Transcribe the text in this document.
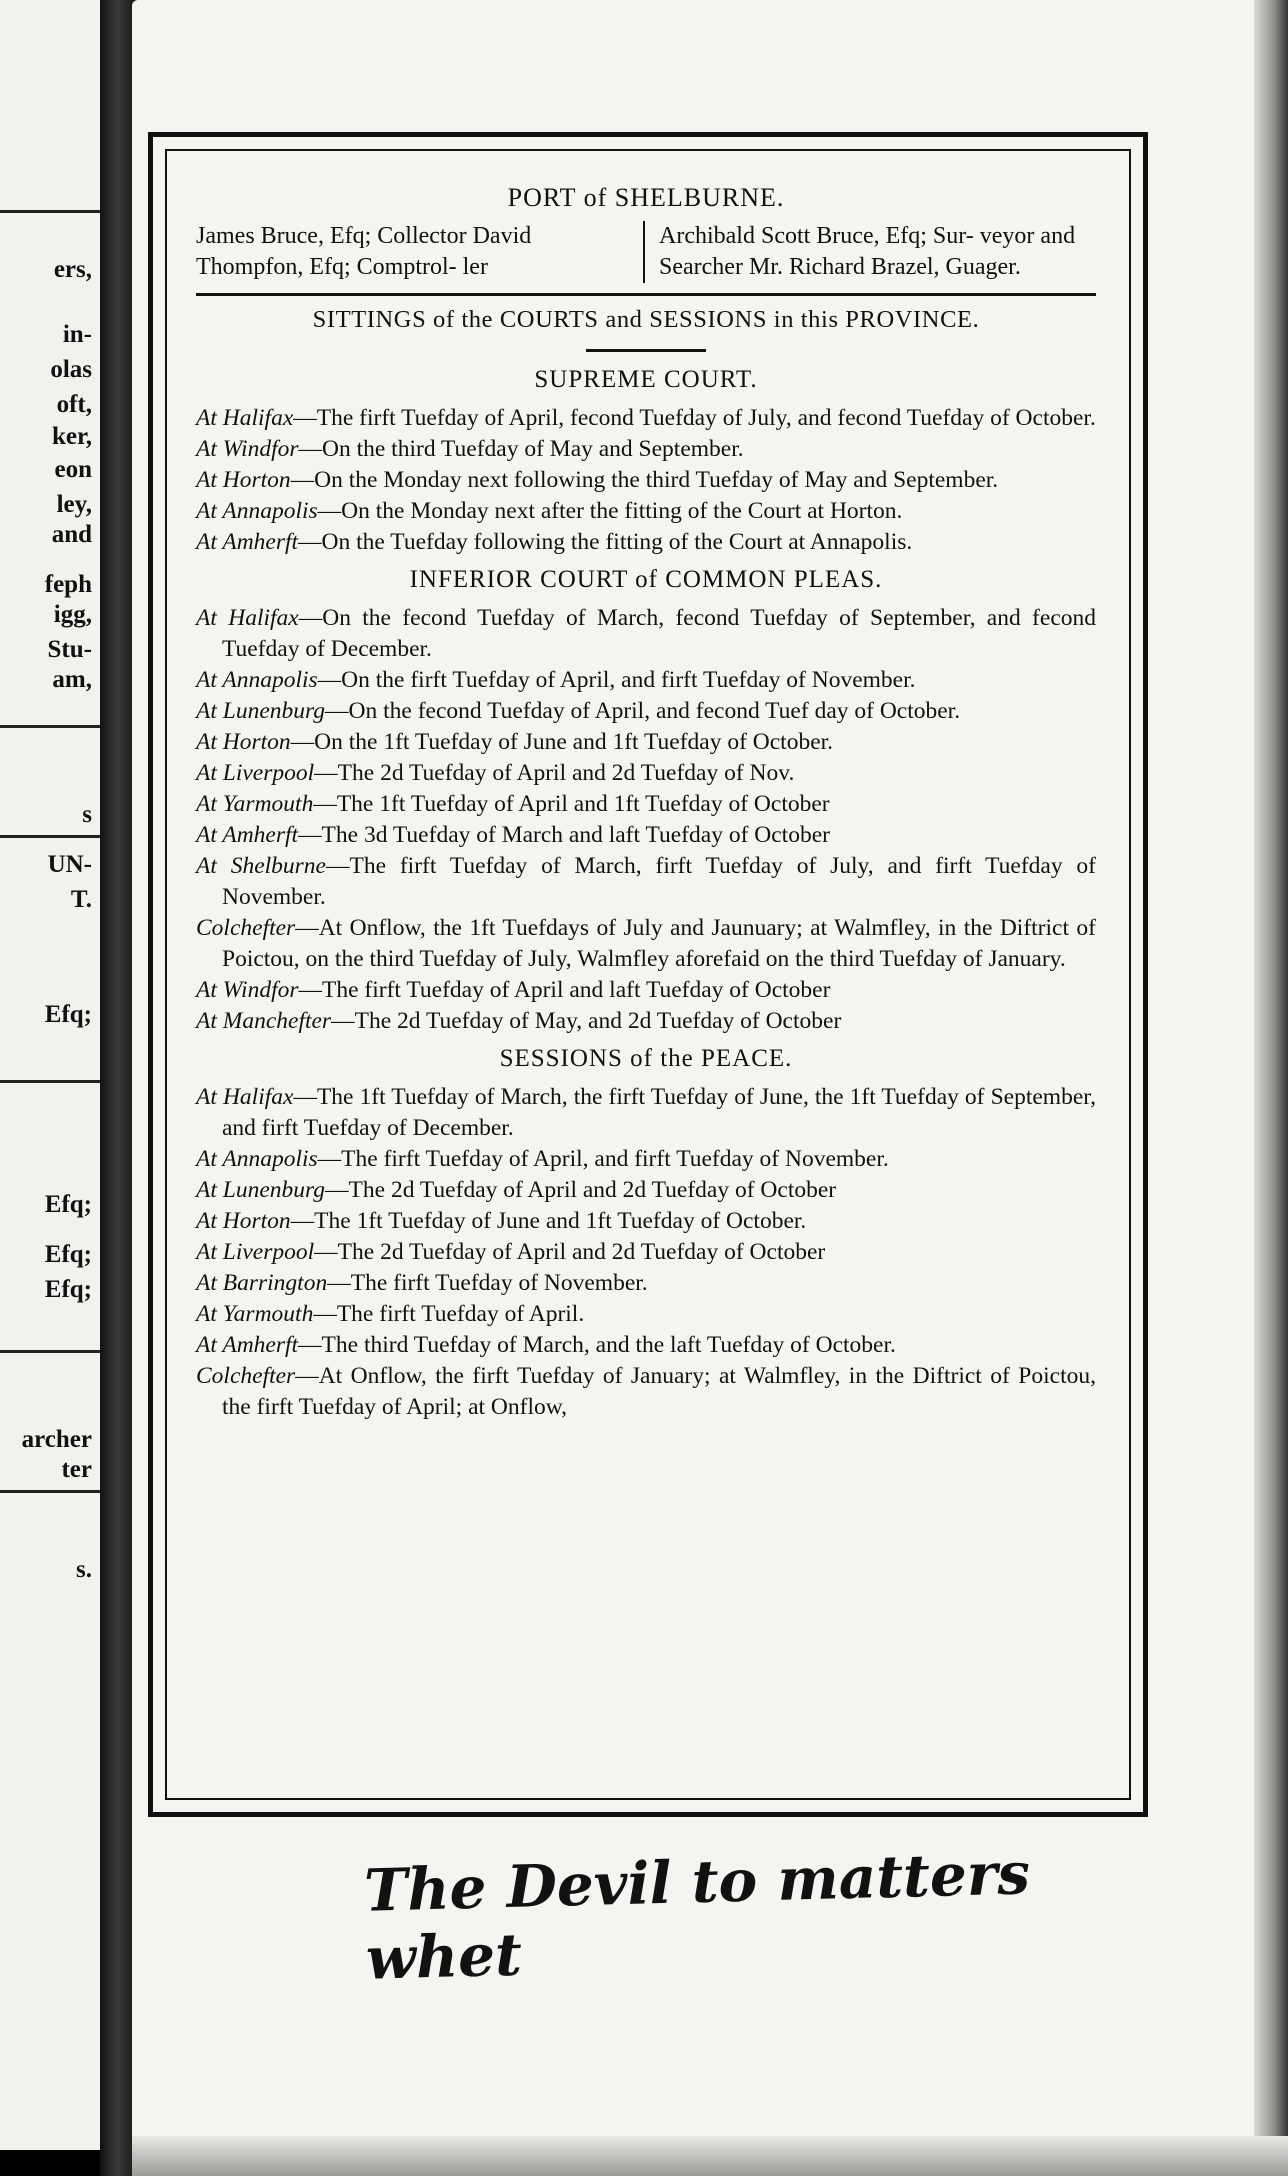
ers,
in-
olas
oft,
ker,
eon
ley,
and
feph
igg,
Stu-
am,
s
UN-
T.
Efq;
Efq;
Efq;
Efq;
archer
ter
s.
PORT of SHELBURNE.
James Bruce, Efq; Collector David Thompfon, Efq; Comptrol- ler
Archibald Scott Bruce, Efq; Sur- veyor and Searcher Mr. Richard Brazel, Guager.
SITTINGS of the COURTS and SESSIONS in this PROVINCE.
SUPREME COURT.

At Halifax—The firft Tuefday of April, fecond Tuefday of July, and fecond Tuefday of October.

At Windfor—On the third Tuefday of May and September.

At Horton—On the Monday next following the third Tuefday of May and September.

At Annapolis—On the Monday next after the fitting of the Court at Horton.

At Amherft—On the Tuefday following the fitting of the Court at Annapolis.

INFERIOR COURT of COMMON PLEAS.

At Halifax—On the fecond Tuefday of March, fecond Tuefday of September, and fecond Tuefday of December.

At Annapolis—On the firft Tuefday of April, and firft Tuefday of November.

At Lunenburg—On the fecond Tuefday of April, and fecond Tuef day of October.

At Horton—On the 1ft Tuefday of June and 1ft Tuefday of October.

At Liverpool—The 2d Tuefday of April and 2d Tuefday of Nov.

At Yarmouth—The 1ft Tuefday of April and 1ft Tuefday of October

At Amherft—The 3d Tuefday of March and laft Tuefday of October

At Shelburne—The firft Tuefday of March, firft Tuefday of July, and firft Tuefday of November.

Colchefter—At Onflow, the 1ft Tuefdays of July and Jaunuary; at Walmfley, in the Diftrict of Poictou, on the third Tuefday of July, Walmfley aforefaid on the third Tuefday of January.

At Windfor—The firft Tuefday of April and laft Tuefday of October

At Manchefter—The 2d Tuefday of May, and 2d Tuefday of October

SESSIONS of the PEACE.

At Halifax—The 1ft Tuefday of March, the firft Tuefday of June, the 1ft Tuefday of September, and firft Tuefday of December.

At Annapolis—The firft Tuefday of April, and firft Tuefday of November.

At Lunenburg—The 2d Tuefday of April and 2d Tuefday of October

At Horton—The 1ft Tuefday of June and 1ft Tuefday of October.

At Liverpool—The 2d Tuefday of April and 2d Tuefday of October

At Barrington—The firft Tuefday of November.

At Yarmouth—The firft Tuefday of April.

At Amherft—The third Tuefday of March, and the laft Tuefday of October.

Colchefter—At Onflow, the firft Tuefday of January; at Walmfley, in the Diftrict of Poictou, the firft Tuefday of April; at Onflow,

The Devil to matters
whet
